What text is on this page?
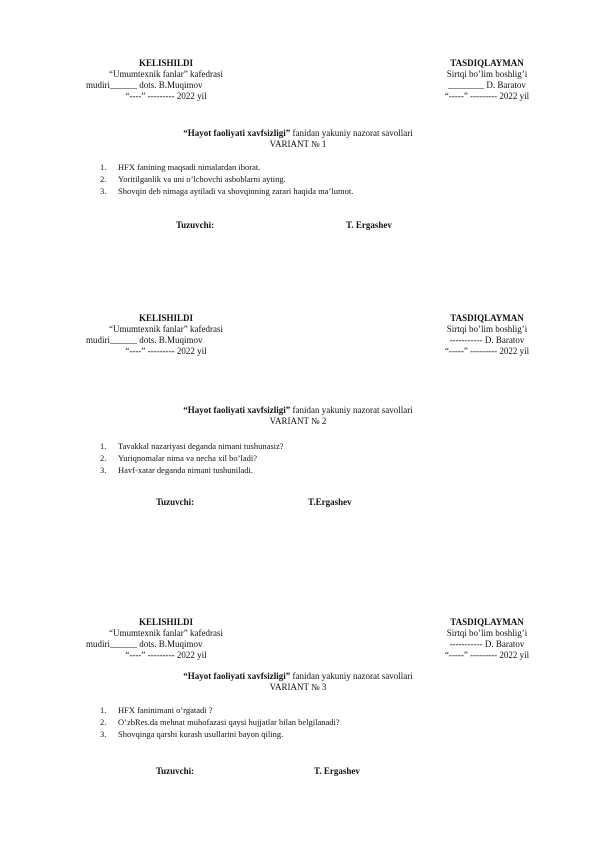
KELISHILDI
“Umumtexnik fanlar” kafedrasi
mudiri______ dots. B.Muqimov
“----” --------- 2022 yil
TASDIQLAYMAN
Sirtqi bo’lim boshlig’i
________ D. Baratov
“-----” --------- 2022 yil
“Hayot faoliyati xavfsizligi” fanidan yakuniy nazorat savollari
VARIANT № 1
1. HFX fanining maqsadi nimalardan iborat.
2. Yoritilganlik va uni o’lchovchi asboblarni ayting.
3. Shovqin deb nimaga aytiladi va shovqinning zarari haqida ma’lumot.
Tuzuvchi:	T. Ergashev
KELISHILDI
“Umumtexnik fanlar” kafedrasi
mudiri______ dots. B.Muqimov
“----” --------- 2022 yil
TASDIQLAYMAN
Sirtqi bo’lim boshlig’i
----------- D. Baratov
“-----” --------- 2022 yil
“Hayot faoliyati xavfsizligi” fanidan yakuniy nazorat savollari
VARIANT № 2
1. Tavakkal nazariyasi deganda nimani tushunasiz?
2. Yuriqnomalar nima va necha xil bo’ladi?
3. Havf-xatar deganda nimani tushuniladi.
Tuzuvchi:	T.Ergashev
KELISHILDI
“Umumtexnik fanlar” kafedrasi
mudiri______ dots. B.Muqimov
“----” --------- 2022 yil
TASDIQLAYMAN
Sirtqi bo’lim boshlig’i
----------- D. Baratov
“-----” --------- 2022 yil
“Hayot faoliyati xavfsizligi” fanidan yakuniy nazorat savollari
VARIANT № 3
1. HFX faninimani o’rgatadi ?
2. O’zbRes.da mehnat muhofazasi qaysi hujjatlar bilan belgilanadi?
3. Shovqinga qarshi kurash usullarini bayon qiling.
Tuzuvchi:	T. Ergashev
